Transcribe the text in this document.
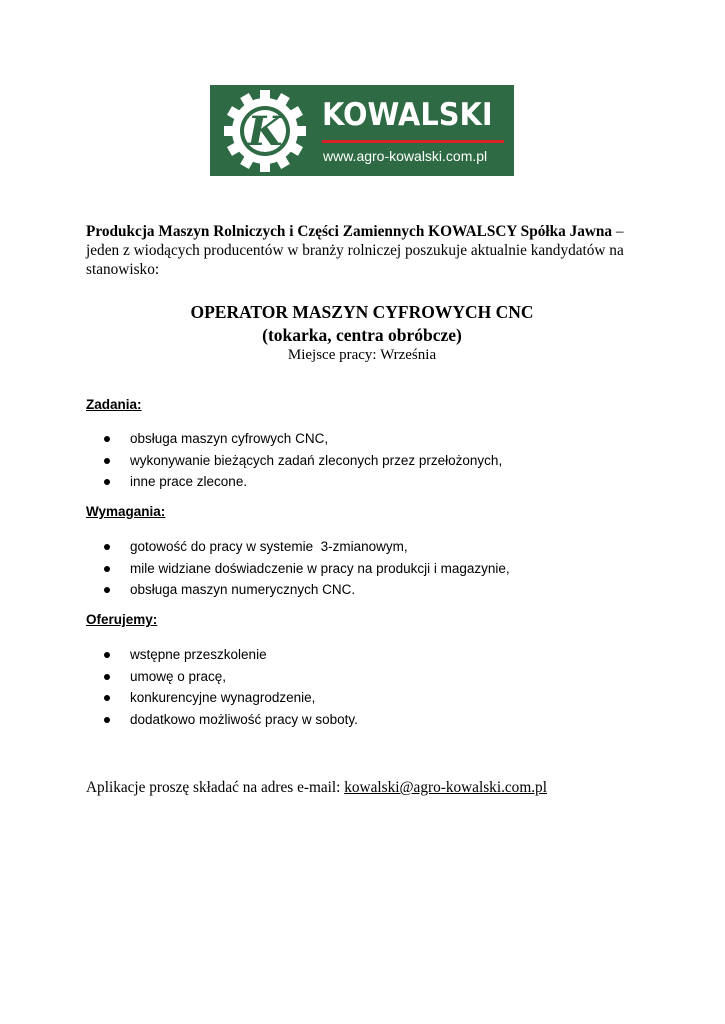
K KOWALSKI
www.agro-kowalski.com.pl
Produkcja Maszyn Rolniczych i Części Zamiennych KOWALSCY Spółka Jawna – jeden z wiodących producentów w branży rolniczej poszukuje aktualnie kandydatów na stanowisko:
OPERATOR MASZYN CYFROWYCH CNC
(tokarka, centra obróbcze)
Miejsce pracy: Września
Zadania:
obsługa maszyn cyfrowych CNC,
wykonywanie bieżących zadań zleconych przez przełożonych,
inne prace zlecone.
Wymagania:
gotowość do pracy w systemie  3-zmianowym,
mile widziane doświadczenie w pracy na produkcji i magazynie,
obsługa maszyn numerycznych CNC.
Oferujemy:
wstępne przeszkolenie
umowę o pracę,
konkurencyjne wynagrodzenie,
dodatkowo możliwość pracy w soboty.
Aplikacje proszę składać na adres e-mail: kowalski@agro-kowalski.com.pl
